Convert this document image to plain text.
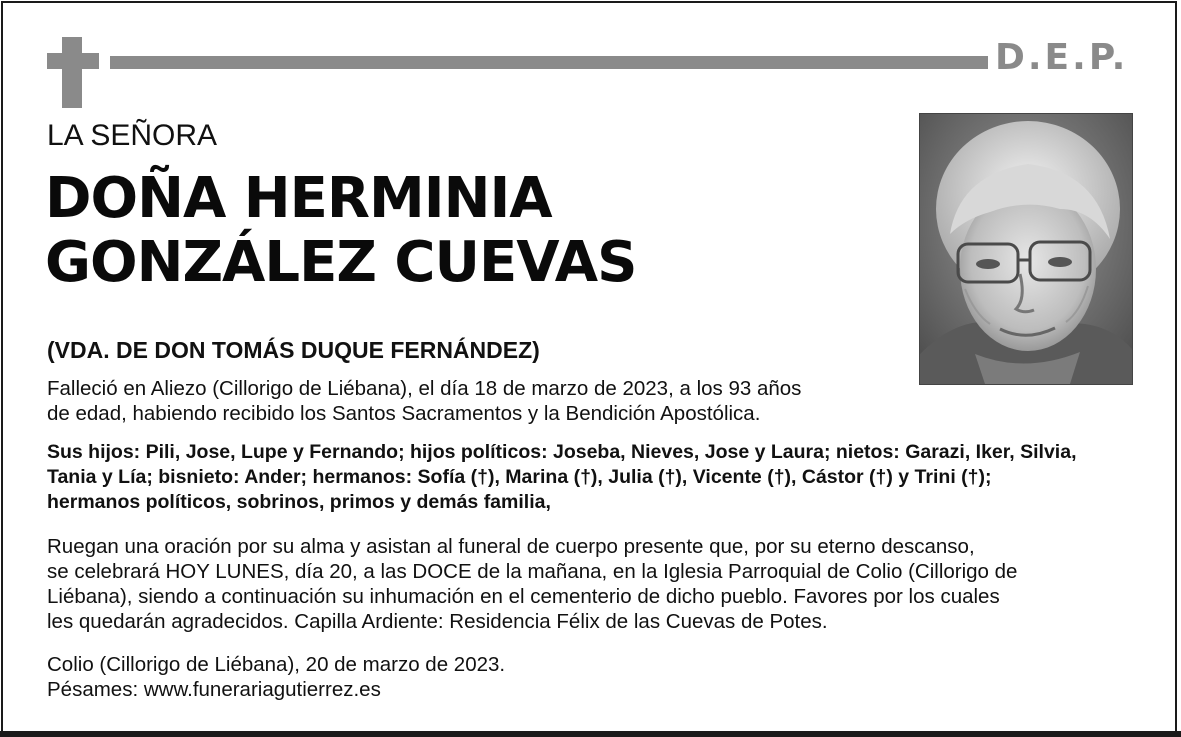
D.E.P.
LA SEÑORA
DOÑA HERMINIA
GONZÁLEZ CUEVAS
(VDA. DE DON TOMÁS DUQUE FERNÁNDEZ)
Falleció en Aliezo (Cillorigo de Liébana), el día 18 de marzo de 2023, a los 93 años
de edad, habiendo recibido los Santos Sacramentos y la Bendición Apostólica.
Sus hijos: Pili, Jose, Lupe y Fernando; hijos políticos: Joseba, Nieves, Jose y Laura; nietos: Garazi, Iker, Silvia,
Tania y Lía; bisnieto: Ander; hermanos: Sofía (†), Marina (†), Julia (†), Vicente (†), Cástor (†) y Trini (†);
hermanos políticos, sobrinos, primos y demás familia,
Ruegan una oración por su alma y asistan al funeral de cuerpo presente que, por su eterno descanso,
se celebrará HOY LUNES, día 20, a las DOCE de la mañana, en la Iglesia Parroquial de Colio (Cillorigo de
Liébana), siendo a continuación su inhumación en el cementerio de dicho pueblo. Favores por los cuales
les quedarán agradecidos. Capilla Ardiente: Residencia Félix de las Cuevas de Potes.
Colio (Cillorigo de Liébana), 20 de marzo de 2023.
Pésames: www.funerariagutierrez.es
